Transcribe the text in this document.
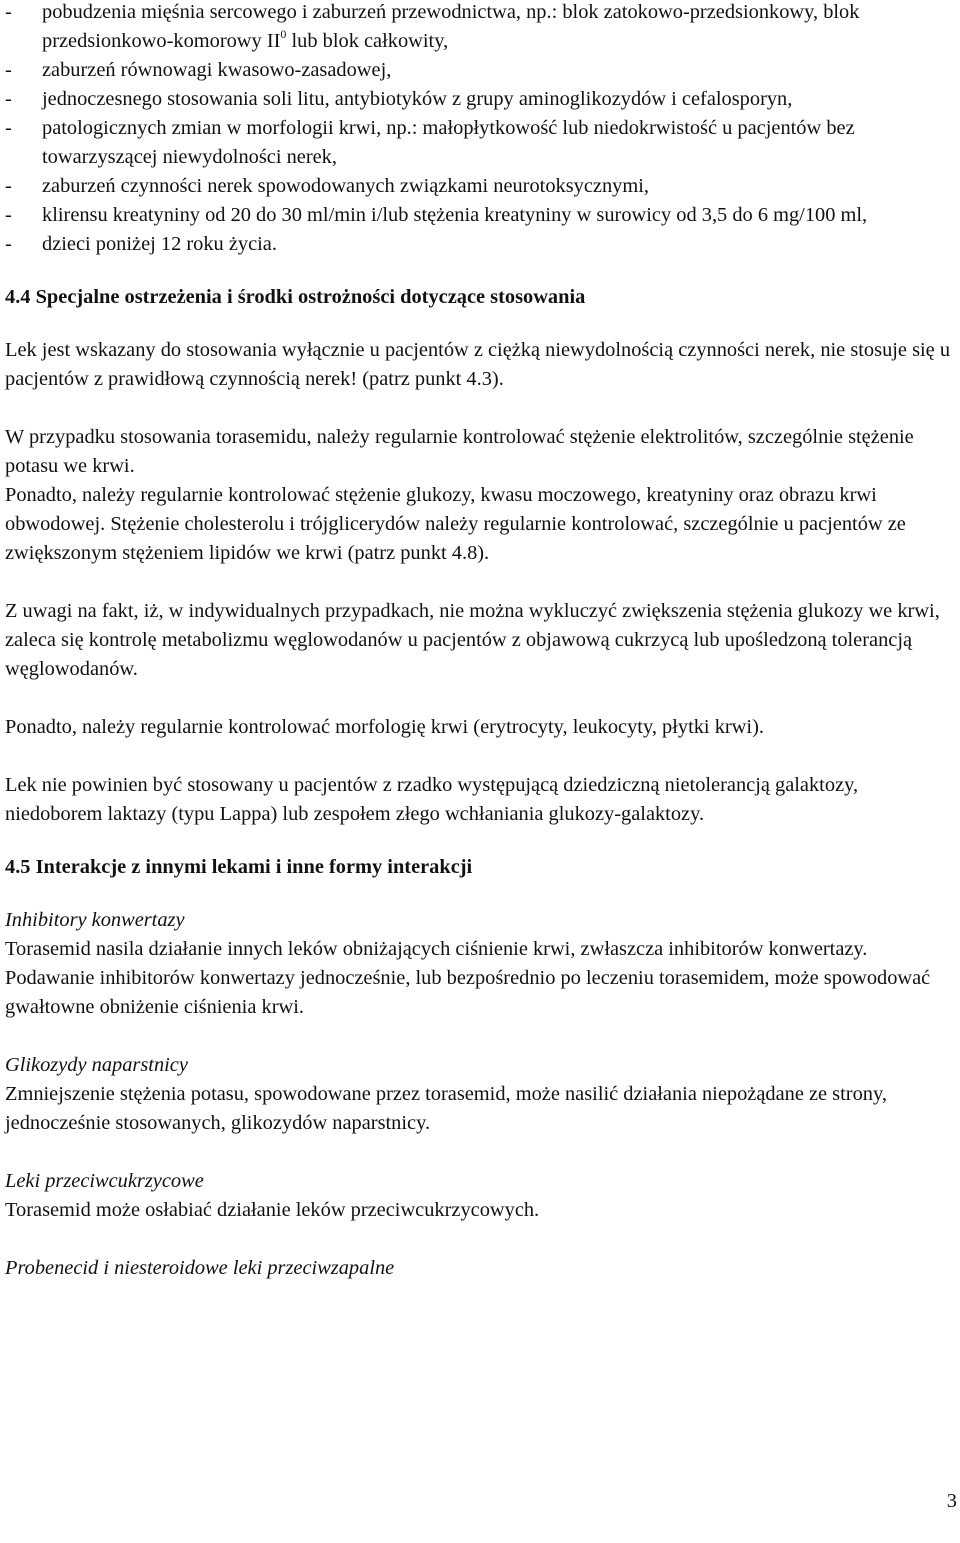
- pobudzenia mięśnia sercowego i zaburzeń przewodnictwa, np.: blok zatokowo-przedsionkowy, blok przedsionkowo-komorowy $II^0$ lub blok całkowity,
- zaburzeń równowagi kwasowo-zasadowej,
- jednoczesnego stosowania soli litu, antybiotyków z grupy aminoglikozydów i cefalosporyn,
- patologicznych zmian w morfologii krwi, np.: małopłytkowość lub niedokrwistość u pacjentów bez towarzyszącej niewydolności nerek,
- zaburzeń czynności nerek spowodowanych związkami neurotoksycznymi,
- klirensu kreatyniny od 20 do 30 ml/min i/lub stężenia kreatyniny w surowicy od 3,5 do 6 mg/100 ml,
- dzieci poniżej 12 roku życia.

4.4 Specjalne ostrzeżenia i środki ostrożności dotyczące stosowania

Lek jest wskazany do stosowania wyłącznie u pacjentów z ciężką niewydolnością czynności nerek, nie stosuje się u pacjentów z prawidłową czynnością nerek! (patrz punkt 4.3).

W przypadku stosowania torasemidu, należy regularnie kontrolować stężenie elektrolitów, szczególnie stężenie potasu we krwi.

Ponadto, należy regularnie kontrolować stężenie glukozy, kwasu moczowego, kreatyniny oraz obrazu krwi obwodowej. Stężenie cholesterolu i trójglicerydów należy regularnie kontrolować, szczególnie u pacjentów ze zwiększonym stężeniem lipidów we krwi (patrz punkt 4.8).

Z uwagi na fakt, iż, w indywidualnych przypadkach, nie można wykluczyć zwiększenia stężenia glukozy we krwi, zaleca się kontrolę metabolizmu węglowodanów u pacjentów z objawową cukrzycą lub upośledzoną tolerancją węglowodanów.

Ponadto, należy regularnie kontrolować morfologię krwi (erytrocyty, leukocyty, płytki krwi).

Lek nie powinien być stosowany u pacjentów z rzadko występującą dziedziczną nietolerancją galaktozy, niedoborem laktazy (typu Lappa) lub zespołem złego wchłaniania glukozy-galaktozy.

4.5 Interakcje z innymi lekami i inne formy interakcji

Inhibitory konwertazy

Torasemid nasila działanie innych leków obniżających ciśnienie krwi, zwłaszcza inhibitorów konwertazy. Podawanie inhibitorów konwertazy jednocześnie, lub bezpośrednio po leczeniu torasemidem, może spowodować gwałtowne obniżenie ciśnienia krwi.

Glikozydy naparstnicy

Zmniejszenie stężenia potasu, spowodowane przez torasemid, może nasilić działania niepożądane ze strony, jednocześnie stosowanych, glikozydów naparstnicy.

Leki przeciwcukrzycowe

Torasemid może osłabiać działanie leków przeciwcukrzycowych.

Probenecid i niesteroidowe leki przeciwzapalne

3
